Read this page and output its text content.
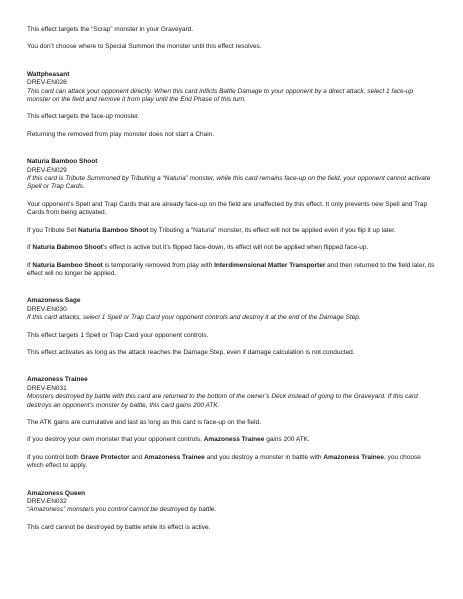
This effect targets the “Scrap” monster in your Graveyard.

You don’t choose where to Special Summon the monster until this effect resolves.

Wattpheasant

DREV-EN026

This card can attack your opponent directly. When this card inflicts Battle Damage to your opponent by a direct attack, select 1 face-up monster on the field and remove it from play until the End Phase of this turn.

This effect targets the face-up monster.

Returning the removed from play monster does not start a Chain.

Naturia Bamboo Shoot

DREV-EN029

If this card is Tribute Summoned by Tributing a “Naturia” monster, while this card remains face-up on the field, your opponent cannot activate Spell or Trap Cards.

Your opponent’s Spell and Trap Cards that are already face-up on the field are unaffected by this effect. It only prevents new Spell and Trap Cards from being activated.

If you Tribute Set Naturia Bamboo Shoot by Tributing a “Naturia” monster, its effect will not be applied even if you flip it up later.

If Naturia Babmoo Shoot’s effect is active but it’s flipped face-down, its effect will not be applied when flipped face-up.

If Naturia Bamboo Shoot is temporarily removed from play with Interdimensional Matter Transporter and then returned to the field later, its effect will no longer be applied.

Amazoness Sage

DREV-EN030

If this card attacks, select 1 Spell or Trap Card your opponent controls and destroy it at the end of the Damage Step.

This effect targets 1 Spell or Trap Card your opponent controls.

This effect activates as long as the attack reaches the Damage Step, even if damage calculation is not conducted.

Amazoness Trainee

DREV-EN031

Monsters destroyed by battle with this card are returned to the bottom of the owner’s Deck instead of going to the Graveyard. If this card destroys an opponent’s monster by battle, this card gains 200 ATK.

The ATK gains are cumulative and last as long as this card is face-up on the field.

If you destroy your own monster that your opponent controls, Amazoness Trainee gains 200 ATK.

If you control both Grave Protector and Amazoness Trainee and you destroy a monster in battle with Amazoness Trainee, you choose which effect to apply.

Amazoness Queen

DREV-EN032

“Amazoness” monsters you control cannot be destroyed by battle.

This card cannot be destroyed by battle while its effect is active.
